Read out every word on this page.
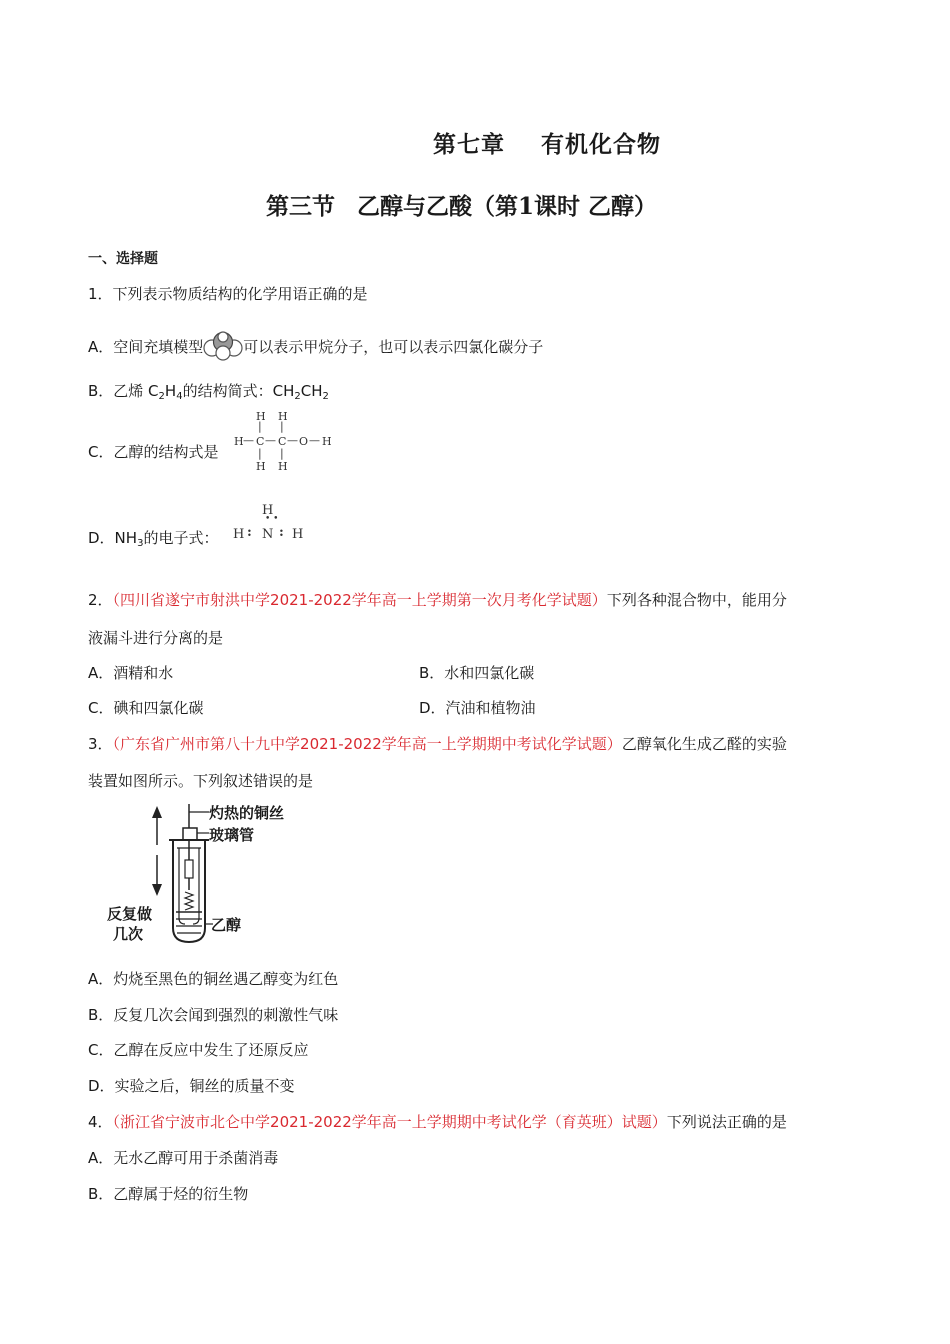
第七章 有机化合物
第三节 乙醇与乙酸（第1课时 乙醇）
一、选择题
1．下列表示物质结构的化学用语正确的是
A．空间充填模型	可以表示甲烷分子，也可以表示四氯化碳分子
B．乙烯 $C_2H_4$的结构简式：$CH_2CH_2$
C．乙醇的结构式是
H H
| |
H — C — C — O — H
| |
H H
D．$NH_3$的电子式：
H
• •
H : N : H
2．（四川省遂宁市射洪中学2021-2022学年高一上学期第一次月考化学试题）下列各种混合物中，能用分
液漏斗进行分离的是
A．酒精和水	B．水和四氯化碳
C．碘和四氯化碳	D．汽油和植物油
3．（广东省广州市第八十九中学2021-2022学年高一上学期期中考试化学试题）乙醇氧化生成乙醛的实验
装置如图所示。下列叙述错误的是
灼热的铜丝
玻璃管
反复做
几次	乙醇
A．灼烧至黑色的铜丝遇乙醇变为红色
B．反复几次会闻到强烈的刺激性气味
C．乙醇在反应中发生了还原反应
D．实验之后，铜丝的质量不变
4．（浙江省宁波市北仑中学2021-2022学年高一上学期期中考试化学（育英班）试题）下列说法正确的是
A．无水乙醇可用于杀菌消毒
B．乙醇属于烃的衍生物
